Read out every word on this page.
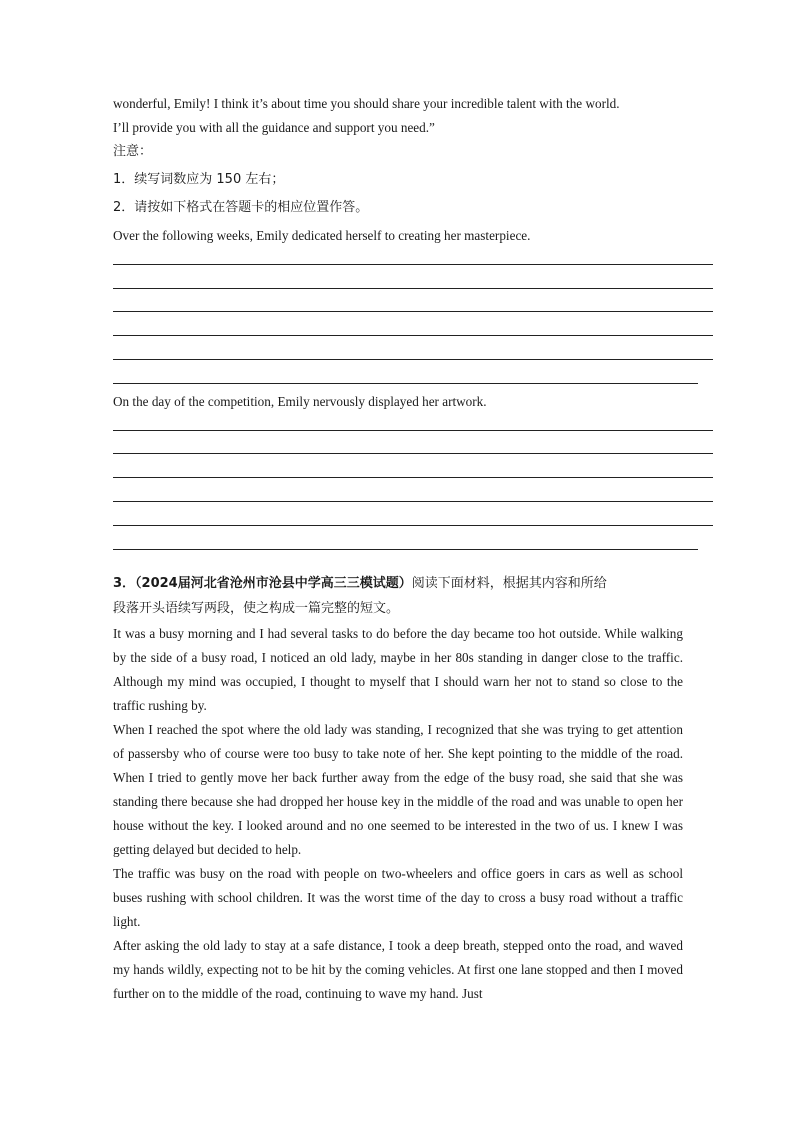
wonderful, Emily! I think it’s about time you should share your incredible talent with the world.

I’ll provide you with all the guidance and support you need.”

注意：

1．续写词数应为 150 左右；

2．请按如下格式在答题卡的相应位置作答。

Over the following weeks, Emily dedicated herself to creating her masterpiece.

On the day of the competition, Emily nervously displayed her artwork.

3．（2024届河北省沧州市沧县中学高三三模试题）阅读下面材料，根据其内容和所给

段落开头语续写两段，使之构成一篇完整的短文。

It was a busy morning and I had several tasks to do before the day became too hot outside. While walking by the side of a busy road, I noticed an old lady, maybe in her 80s standing in danger close to the traffic. Although my mind was occupied, I thought to myself that I should warn her not to stand so close to the traffic rushing by.

When I reached the spot where the old lady was standing, I recognized that she was trying to get attention of passersby who of course were too busy to take note of her. She kept pointing to the middle of the road. When I tried to gently move her back further away from the edge of the busy road, she said that she was standing there because she had dropped her house key in the middle of the road and was unable to open her house without the key. I looked around and no one seemed to be interested in the two of us. I knew I was getting delayed but decided to help.

The traffic was busy on the road with people on two-wheelers and office goers in cars as well as school buses rushing with school children. It was the worst time of the day to cross a busy road without a traffic light.

After asking the old lady to stay at a safe distance, I took a deep breath, stepped onto the road, and waved my hands wildly, expecting not to be hit by the coming vehicles. At first one lane stopped and then I moved further on to the middle of the road, continuing to wave my hand. Just
